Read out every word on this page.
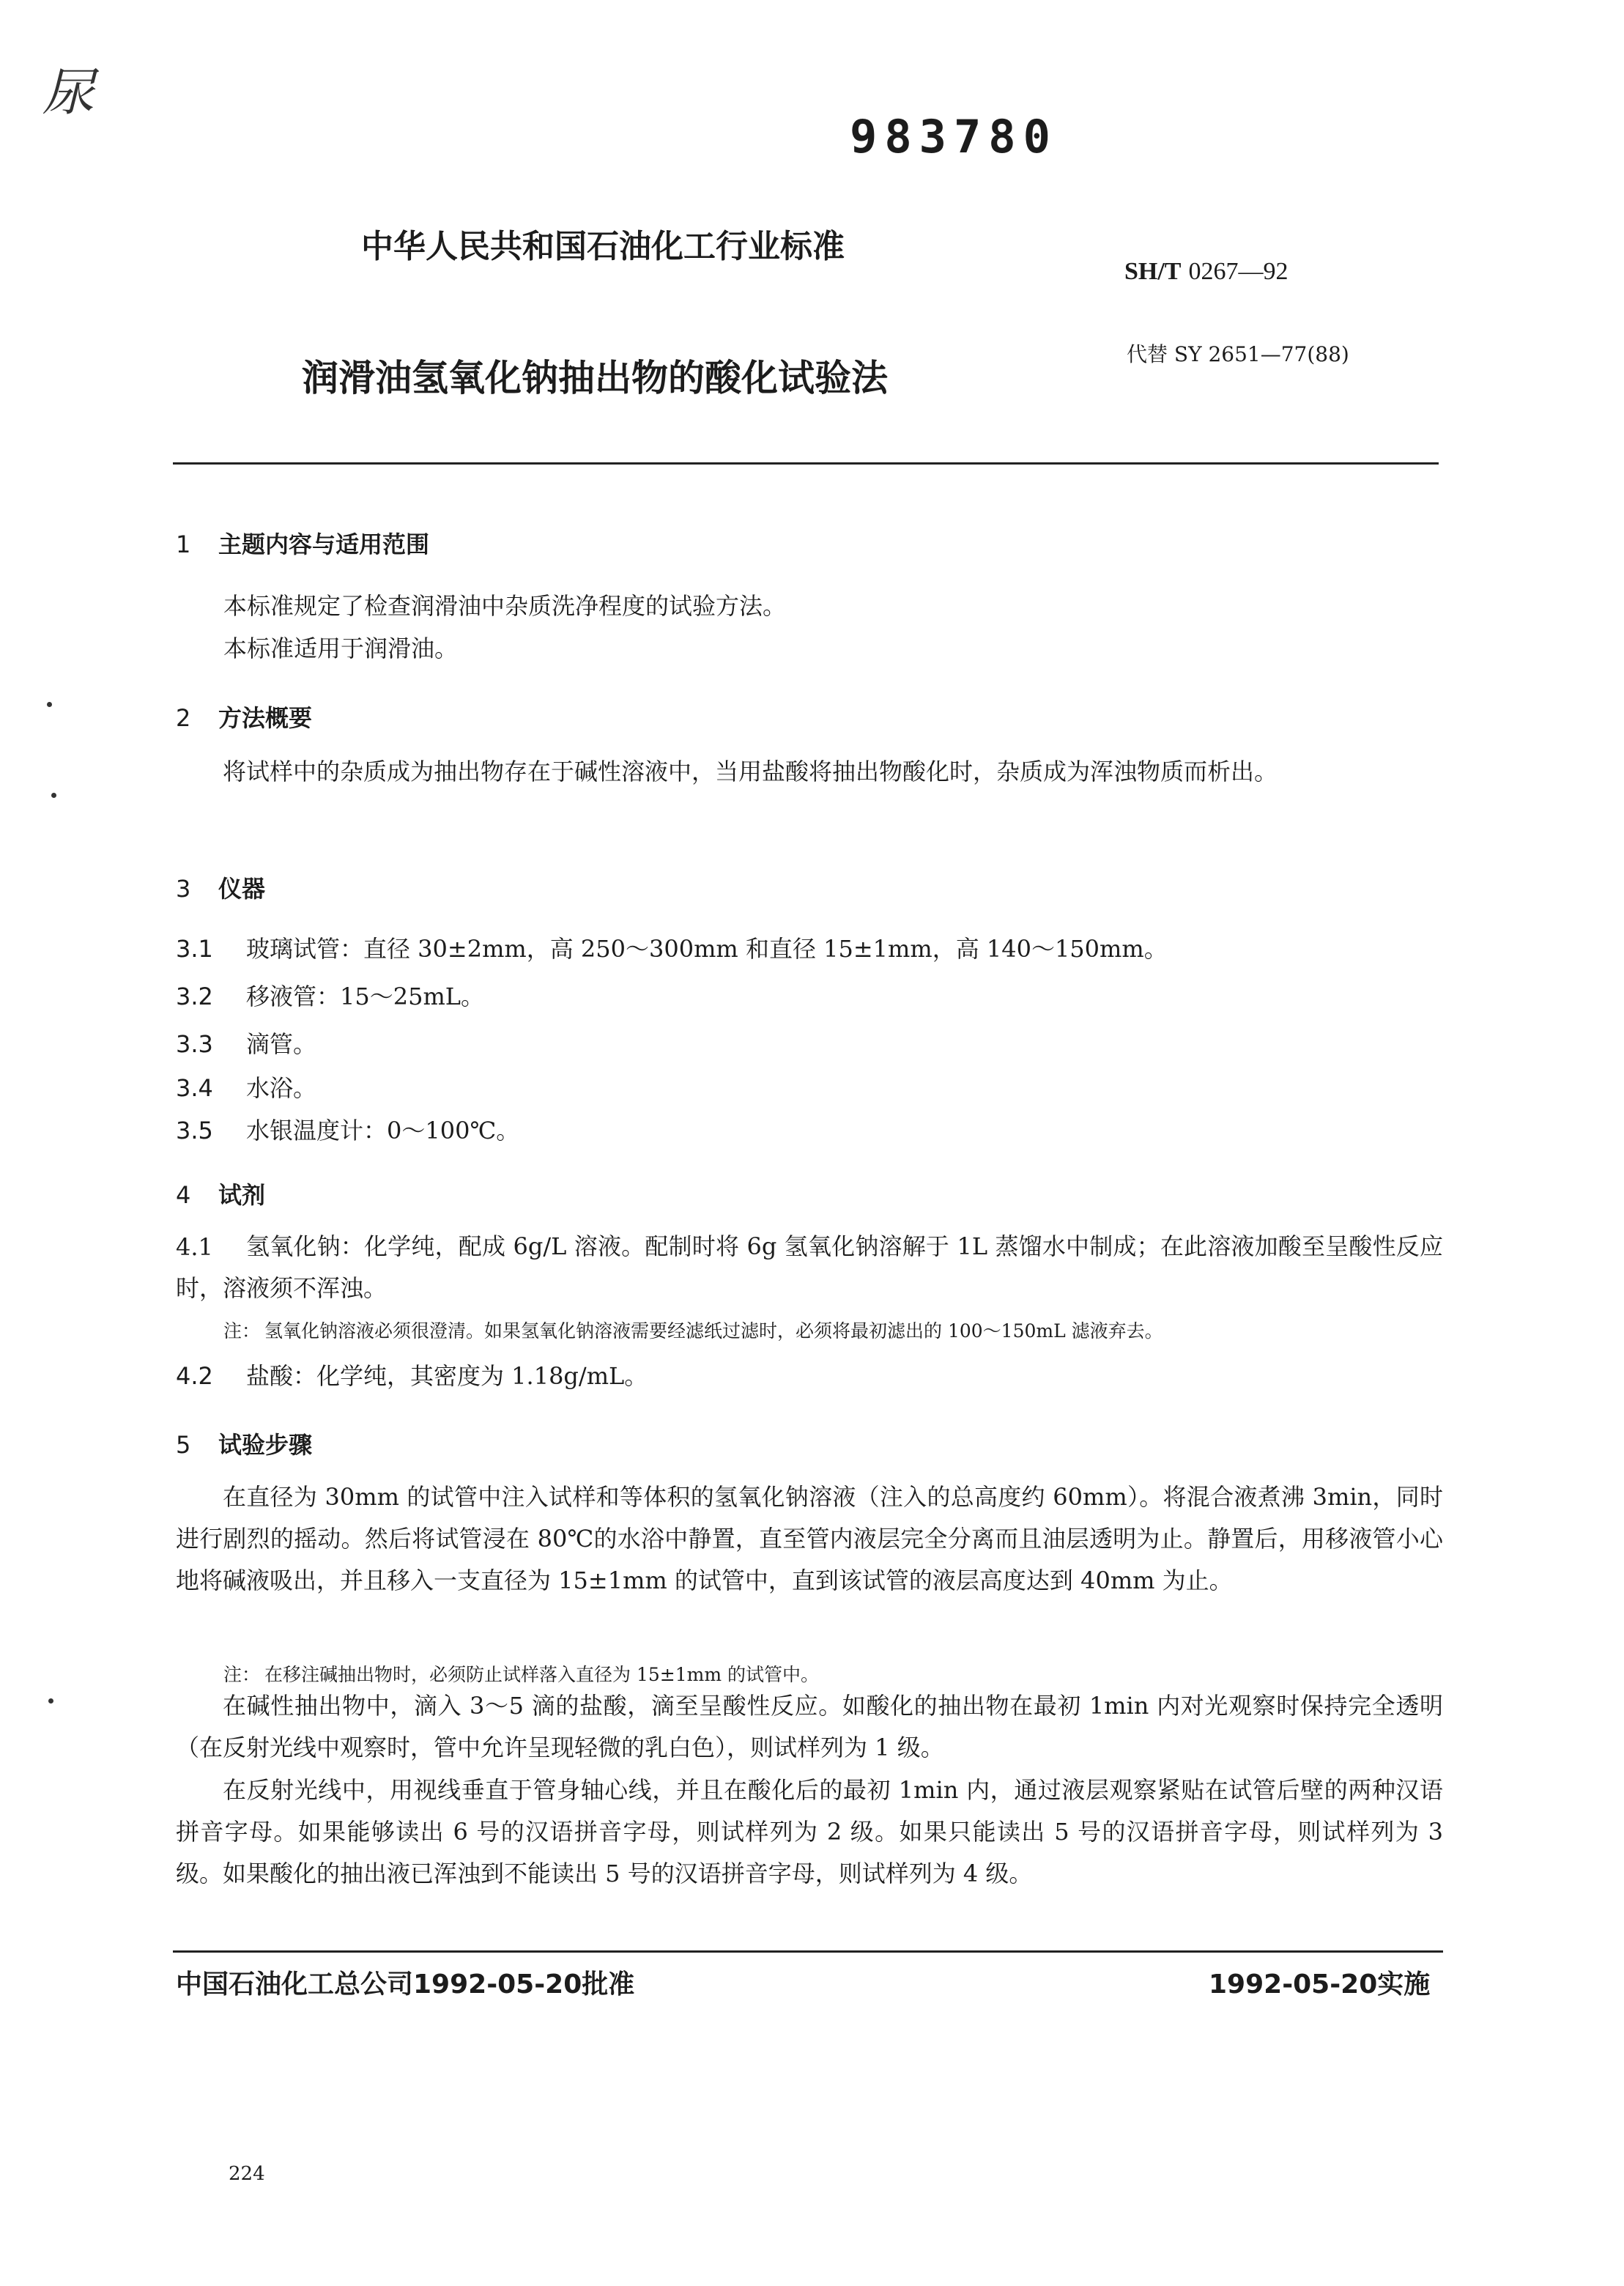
尿
983780
中华人民共和国石油化工行业标准
SH/T 0267—92
润滑油氢氧化钠抽出物的酸化试验法
代替 SY 2651—77(88)
1 主题内容与适用范围
本标准规定了检查润滑油中杂质洗净程度的试验方法。
本标准适用于润滑油。
2 方法概要
将试样中的杂质成为抽出物存在于碱性溶液中，当用盐酸将抽出物酸化时，杂质成为浑浊物质而析出。
3 仪器
3.1 玻璃试管：直径 30±2mm，高 250～300mm 和直径 15±1mm，高 140～150mm。
3.2 移液管：15～25mL。
3.3 滴管。
3.4 水浴。
3.5 水银温度计：0～100℃。
4 试剂
4.1	氢氧化钠：化学纯，配成 6g/L 溶液。配制时将 6g 氢氧化钠溶解于 1L 蒸馏水中制成；在此溶液加酸至呈酸性反应时，溶液须不浑浊。
注： 氢氧化钠溶液必须很澄清。如果氢氧化钠溶液需要经滤纸过滤时，必须将最初滤出的 100～150mL 滤液弃去。
4.2 盐酸：化学纯，其密度为 1.18g/mL。
5 试验步骤
在直径为 30mm 的试管中注入试样和等体积的氢氧化钠溶液（注入的总高度约 60mm）。将混合液煮沸 3min，同时进行剧烈的摇动。然后将试管浸在 80℃的水浴中静置，直至管内液层完全分离而且油层透明为止。静置后，用移液管小心地将碱液吸出，并且移入一支直径为 15±1mm 的试管中，直到该试管的液层高度达到 40mm 为止。
注： 在移注碱抽出物时，必须防止试样落入直径为 15±1mm 的试管中。
在碱性抽出物中，滴入 3～5 滴的盐酸，滴至呈酸性反应。如酸化的抽出物在最初 1min 内对光观察时保持完全透明（在反射光线中观察时，管中允许呈现轻微的乳白色），则试样列为 1 级。
在反射光线中，用视线垂直于管身轴心线，并且在酸化后的最初 1min 内，通过液层观察紧贴在试管后壁的两种汉语拼音字母。如果能够读出 6 号的汉语拼音字母，则试样列为 2 级。如果只能读出 5 号的汉语拼音字母，则试样列为 3 级。如果酸化的抽出液已浑浊到不能读出 5 号的汉语拼音字母，则试样列为 4 级。
中国石油化工总公司1992-05-20批准	1992-05-20实施
224
